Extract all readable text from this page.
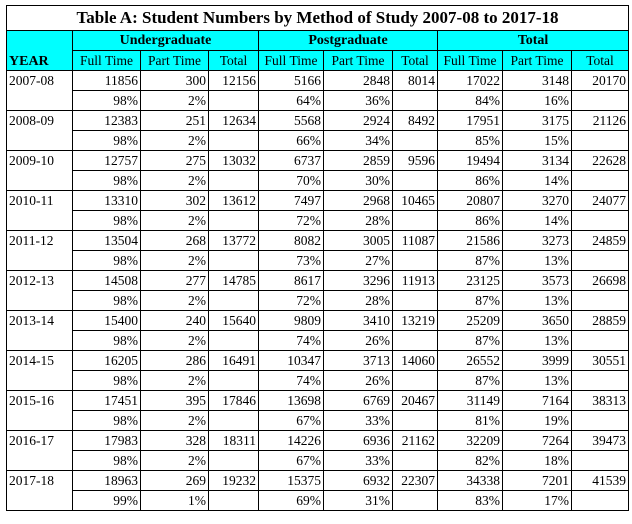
Table A: Student Numbers by Method of Study 2007-08 to 2017-18									
YEAR	Undergraduate			Postgraduate			Total		
	Full Time	Part Time	Total	Full Time	Part Time	Total	Full Time	Part Time	Total
2007-08	11856	300	12156	5166	2848	8014	17022	3148	20170
	98%	2%		64%	36%		84%	16%	
2008-09	12383	251	12634	5568	2924	8492	17951	3175	21126
	98%	2%		66%	34%		85%	15%	
2009-10	12757	275	13032	6737	2859	9596	19494	3134	22628
	98%	2%		70%	30%		86%	14%	
2010-11	13310	302	13612	7497	2968	10465	20807	3270	24077
	98%	2%		72%	28%		86%	14%	
2011-12	13504	268	13772	8082	3005	11087	21586	3273	24859
	98%	2%		73%	27%		87%	13%	
2012-13	14508	277	14785	8617	3296	11913	23125	3573	26698
	98%	2%		72%	28%		87%	13%	
2013-14	15400	240	15640	9809	3410	13219	25209	3650	28859
	98%	2%		74%	26%		87%	13%	
2014-15	16205	286	16491	10347	3713	14060	26552	3999	30551
	98%	2%		74%	26%		87%	13%	
2015-16	17451	395	17846	13698	6769	20467	31149	7164	38313
	98%	2%		67%	33%		81%	19%	
2016-17	17983	328	18311	14226	6936	21162	32209	7264	39473
	98%	2%		67%	33%		82%	18%	
2017-18	18963	269	19232	15375	6932	22307	34338	7201	41539
	99%	1%		69%	31%		83%	17%	
